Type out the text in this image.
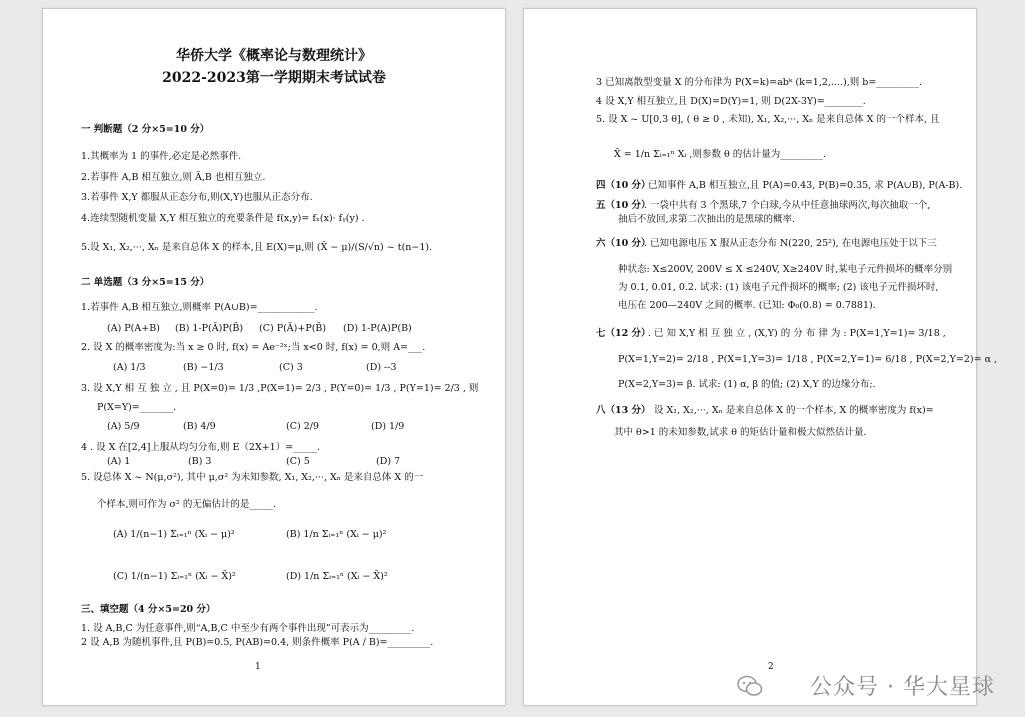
华侨大学《概率论与数理统计》
2022-2023第一学期期末考试试卷
一 判断题（2 分×5=10 分）
1.其概率为 1 的事件,必定是必然事件.
2.若事件 A,B 相互独立,则 Ā,B 也相互独立.
3.若事件 X,Y 都服从正态分布,则(X,Y)也服从正态分布.
4.连续型随机变量 X,Y 相互独立的充要条件是 f(x,y)= fₓ(x)· fᵧ(y) .
5.设 X₁, X₂,···, Xₙ 是来自总体 X 的样本,且 E(X)=μ,则 (X̄ − μ)/(S/√n) ~ t(n−1).
二 单选题（3 分×5=15 分）
1.若事件 A,B 相互独立,则概率 P(A∪B)=____________.
(A) P(A+B) (B) 1-P(Ā)P(B̄) (C) P(Ā)+P(B̄) (D) 1-P(A)P(B)
2. 设 X 的概率密度为:当 x ≥ 0 时, f(x) = Ae⁻²ˣ;当 x<0 时, f(x) = 0,则 A=___.
(A) 1/3	(B) −1/3	(C) 3	(D) --3
3. 设 X,Y 相 互 独 立 , 且 P(X=0)= 1/3 ,P(X=1)= 2/3 , P(Y=0)= 1/3 , P(Y=1)= 2/3 , 则
P(X=Y)=_______.
(A) 5/9	(B) 4/9	(C) 2/9	(D) 1/9
4 . 设 X 在[2,4]上服从均匀分布,则 E（2X+1）=_____.
(A) 1	(B) 3	(C) 5	(D) 7
5. 设总体 X ~ N(μ,σ²), 其中 μ,σ² 为未知参数, X₁, X₂,···, Xₙ 是来自总体 X 的一
个样本,则可作为 σ² 的无偏估计的是_____.
(A) 1/(n−1) Σᵢ₌₁ⁿ (Xᵢ − μ)²	(B) 1/n Σᵢ₌₁ⁿ (Xᵢ − μ)²
(C) 1/(n−1) Σᵢ₌₁ⁿ (Xᵢ − X̄)²	(D) 1/n Σᵢ₌₁ⁿ (Xᵢ − X̄)²
三、填空题（4 分×5=20 分）
1. 设 A,B,C 为任意事件,则“A,B,C 中至少有两个事件出现”可表示为_________.
2 设 A,B 为随机事件,且 P(B)=0.5, P(AB)=0.4, 则条件概率 P(A / B)=_________.
1
3 已知离散型变量 X 的分布律为 P(X=k)=abᵏ (k=1,2,....),则 b=_________.
4 设 X,Y 相互独立,且 D(X)=D(Y)=1, 则 D(2X-3Y)=________.
5. 设 X ~ U[0,3 θ], ( θ ≥ 0 , 未知), X₁, X₂,···, Xₙ 是来自总体 X 的一个样本, 且
X̄ = 1/n Σᵢ₌₁ⁿ Xᵢ ,则参数 θ 的估计量为_________.
四（10 分）
已知事件 A,B 相互独立,且 P(A)=0.43, P(B)=0.35, 求 P(A∪B), P(A-B).
五（10 分）
. 一袋中共有 3 个黑球,7 个白球,今从中任意抽球两次,每次抽取一个,
抽后不放回,求第二次抽出的是黑球的概率.
六（10 分）
. 已知电源电压 X 服从正态分布 N(220, 25²), 在电源电压处于以下三
种状态: X≤200V, 200V ≤ X ≤240V, X≥240V 时,某电子元件损坏的概率分别
为 0.1, 0.01, 0.2. 试求: (1) 该电子元件损坏的概率; (2) 该电子元件损坏时,
电压在 200—240V 之间的概率. (已知: Φ₀(0.8) = 0.7881).
七（12 分）
. 已 知 X,Y 相 互 独 立 , (X,Y) 的 分 布 律 为 : P(X=1,Y=1)= 3/18 ,
P(X=1,Y=2)= 2/18 , P(X=1,Y=3)= 1/18 , P(X=2,Y=1)= 6/18 , P(X=2,Y=2)= α ,
P(X=2,Y=3)= β. 试求: (1) α, β 的值; (2) X,Y 的边缘分布;.
八（13 分） 设 X₁, X₂,···, Xₙ 是来自总体 X 的一个样本, X 的概率密度为 f(x)=
其中 θ>1 的未知参数,试求 θ 的矩估计量和极大似然估计量.
2
公众号 · 华大星球
